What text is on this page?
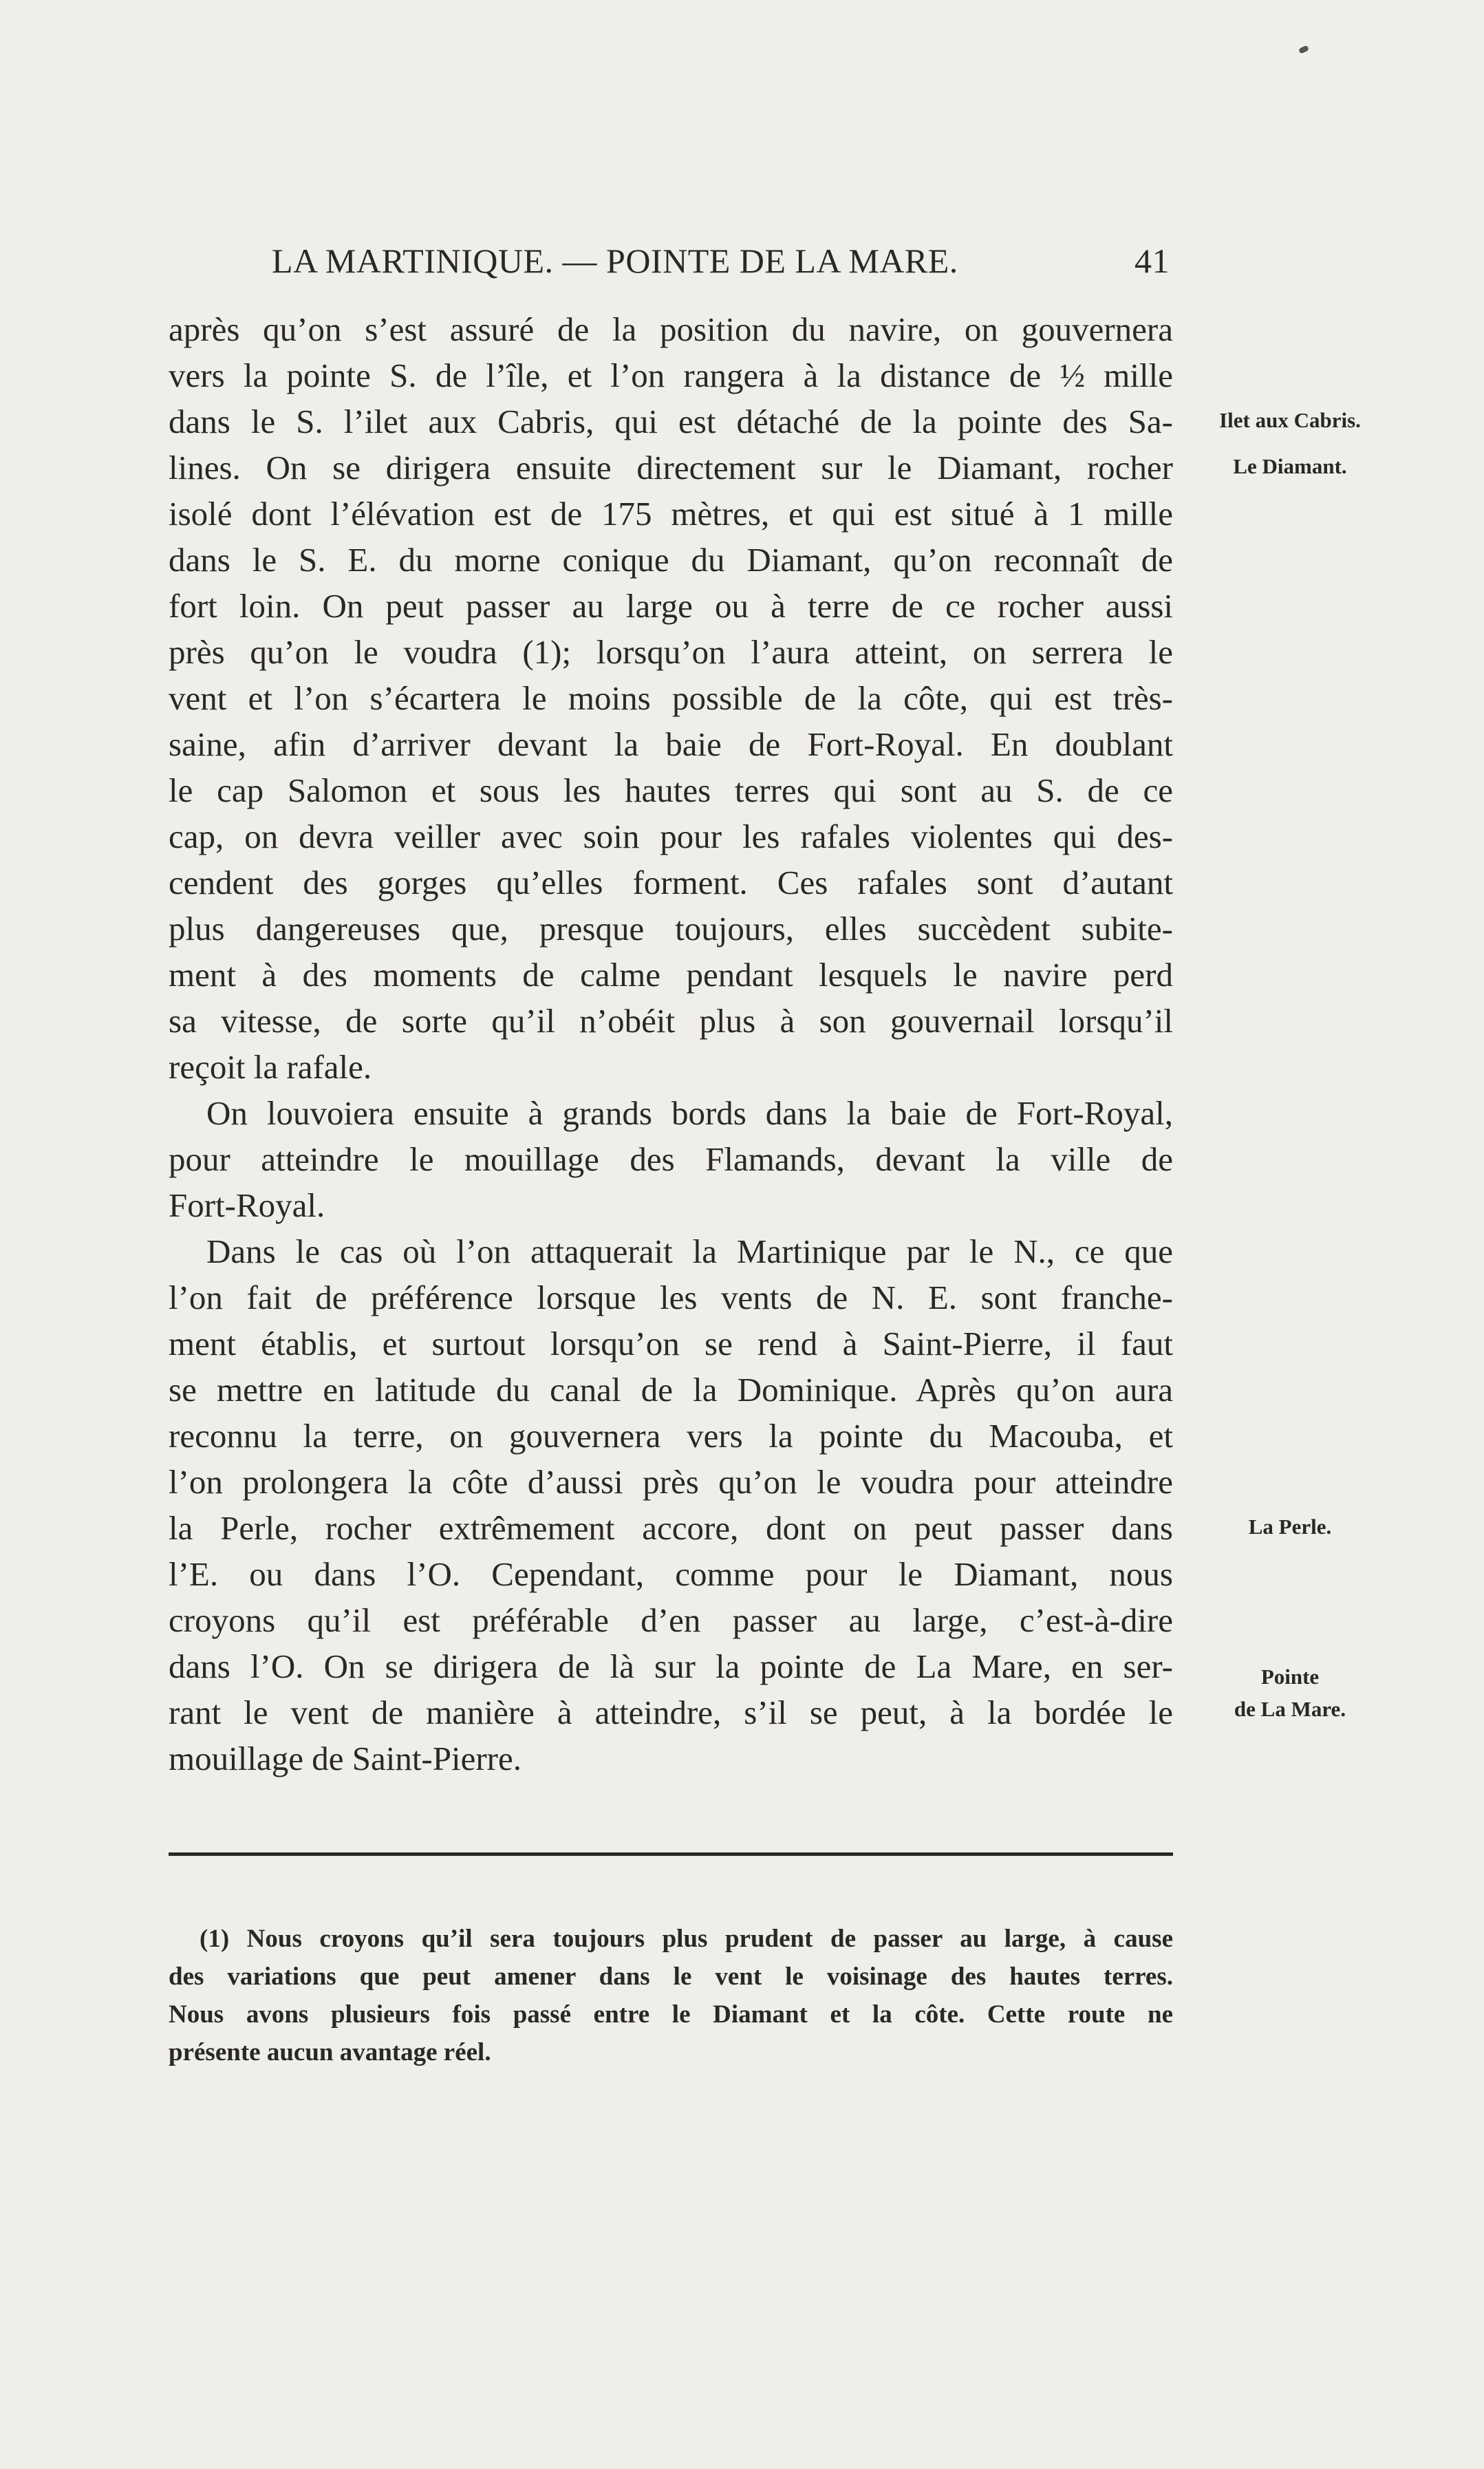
LA MARTINIQUE. — POINTE DE LA MARE.	41
après qu’on s’est assuré de la position du navire, on gouvernera
vers la pointe S. de l’île, et l’on rangera à la distance de ½ mille
dans le S. l’ilet aux Cabris, qui est détaché de la pointe des Sa-
lines. On se dirigera ensuite directement sur le Diamant, rocher
isolé dont l’élévation est de 175 mètres, et qui est situé à 1 mille
dans le S. E. du morne conique du Diamant, qu’on reconnaît de
fort loin. On peut passer au large ou à terre de ce rocher aussi
près qu’on le voudra (1); lorsqu’on l’aura atteint, on serrera le
vent et l’on s’écartera le moins possible de la côte, qui est très-
saine, afin d’arriver devant la baie de Fort-Royal. En doublant
le cap Salomon et sous les hautes terres qui sont au S. de ce
cap, on devra veiller avec soin pour les rafales violentes qui des-
cendent des gorges qu’elles forment. Ces rafales sont d’autant
plus dangereuses que, presque toujours, elles succèdent subite-
ment à des moments de calme pendant lesquels le navire perd
sa vitesse, de sorte qu’il n’obéit plus à son gouvernail lorsqu’il
reçoit la rafale.
On louvoiera ensuite à grands bords dans la baie de Fort-Royal,
pour atteindre le mouillage des Flamands, devant la ville de
Fort-Royal.
Dans le cas où l’on attaquerait la Martinique par le N., ce que
l’on fait de préférence lorsque les vents de N. E. sont franche-
ment établis, et surtout lorsqu’on se rend à Saint-Pierre, il faut
se mettre en latitude du canal de la Dominique. Après qu’on aura
reconnu la terre, on gouvernera vers la pointe du Macouba, et
l’on prolongera la côte d’aussi près qu’on le voudra pour atteindre
la Perle, rocher extrêmement accore, dont on peut passer dans
l’E. ou dans l’O. Cependant, comme pour le Diamant, nous
croyons qu’il est préférable d’en passer au large, c’est-à-dire
dans l’O. On se dirigera de là sur la pointe de La Mare, en ser-
rant le vent de manière à atteindre, s’il se peut, à la bordée le
mouillage de Saint-Pierre.
Ilet aux Cabris.
Le Diamant.
La Perle.
Pointe
de La Mare.
(1) Nous croyons qu’il sera toujours plus prudent de passer au large, à cause
des variations que peut amener dans le vent le voisinage des hautes terres.
Nous avons plusieurs fois passé entre le Diamant et la côte. Cette route ne
présente aucun avantage réel.
